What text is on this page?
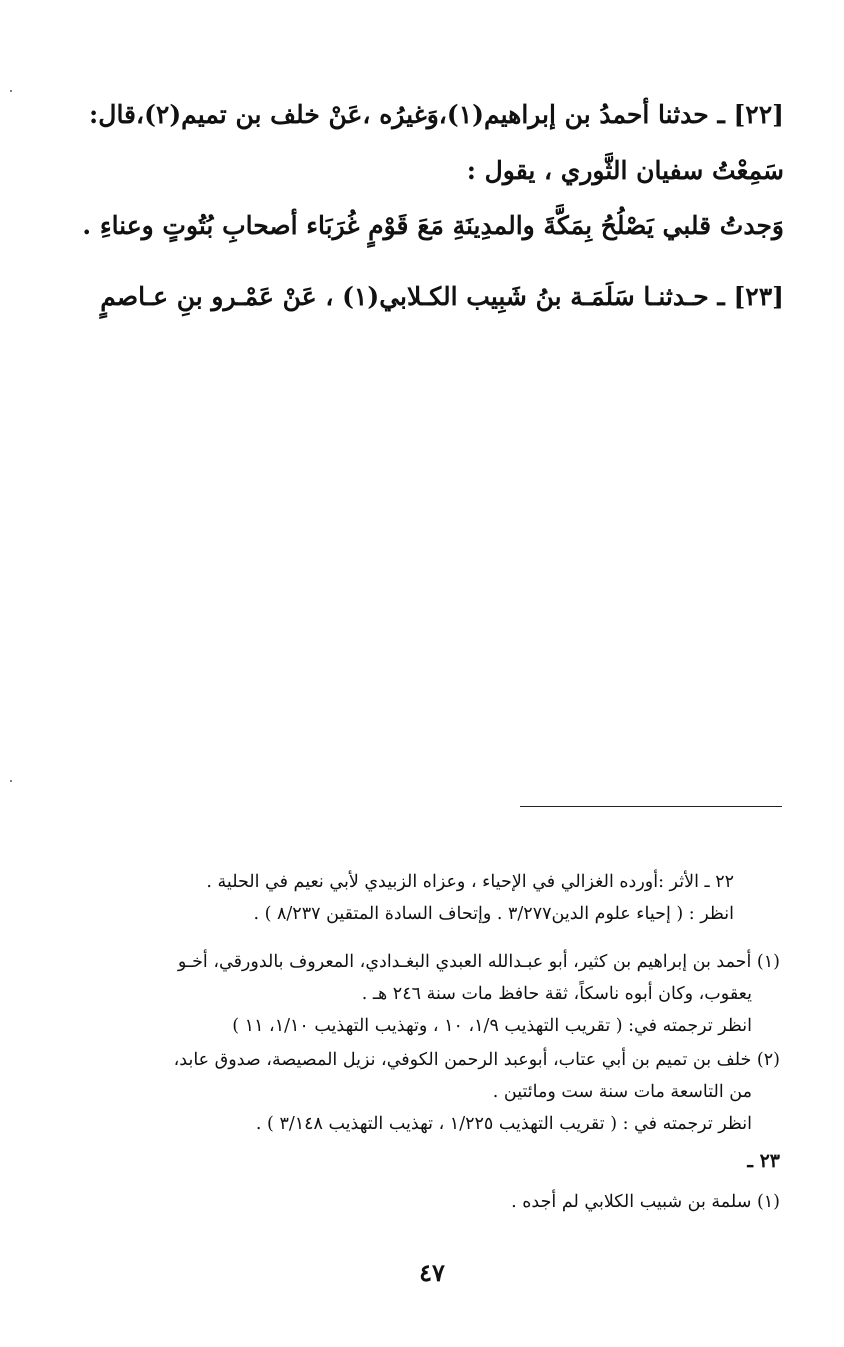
[٢٢] ـ حدثنا أحمدُ بن إبراهيم(١)،وَغيرُه ،عَنْ خلف بن تميم(٢)،قال:
سَمِعْتُ سفيان الثَّوري ، يقول :
وَجدتُ قلبي يَصْلُحُ بِمَكَّةَ والمدِينَةِ مَعَ قَوْمٍ غُرَبَاء أصحابِ بُتُوتٍ وعناءِ .
[٢٣] ـ حـدثنـا سَلَمَـة بنُ شَبِيب الكـلابي(١) ، عَنْ عَمْـرو بنِ عـاصمٍ
٢٢ ـ الأثر :أورده الغزالي في الإحياء ، وعزاه الزبيدي لأبي نعيم في الحلية .
انظر : ( إحياء علوم الدين٣/٢٧٧ . وإتحاف السادة المتقين ٨/٢٣٧ ) .
(١) أحمد بن إبراهيم بن كثير، أبو عبـدالله العبدي البغـدادي، المعروف بالدورقي، أخـو
يعقوب، وكان أبوه ناسكاً، ثقة حافظ مات سنة ٢٤٦ هـ .
انظر ترجمته في: ( تقريب التهذيب ١/٩، ١٠ ، وتهذيب التهذيب ١/١٠، ١١ )
(٢) خلف بن تميم بن أبي عتاب، أبوعبد الرحمن الكوفي، نزيل المصيصة، صدوق عابد،
من التاسعة مات سنة ست ومائتين .
انظر ترجمته في : ( تقريب التهذيب ١/٢٢٥ ، تهذيب التهذيب ٣/١٤٨ ) .
٢٣ ـ
(١) سلمة بن شبيب الكلابي لم أجده .
٤٧
